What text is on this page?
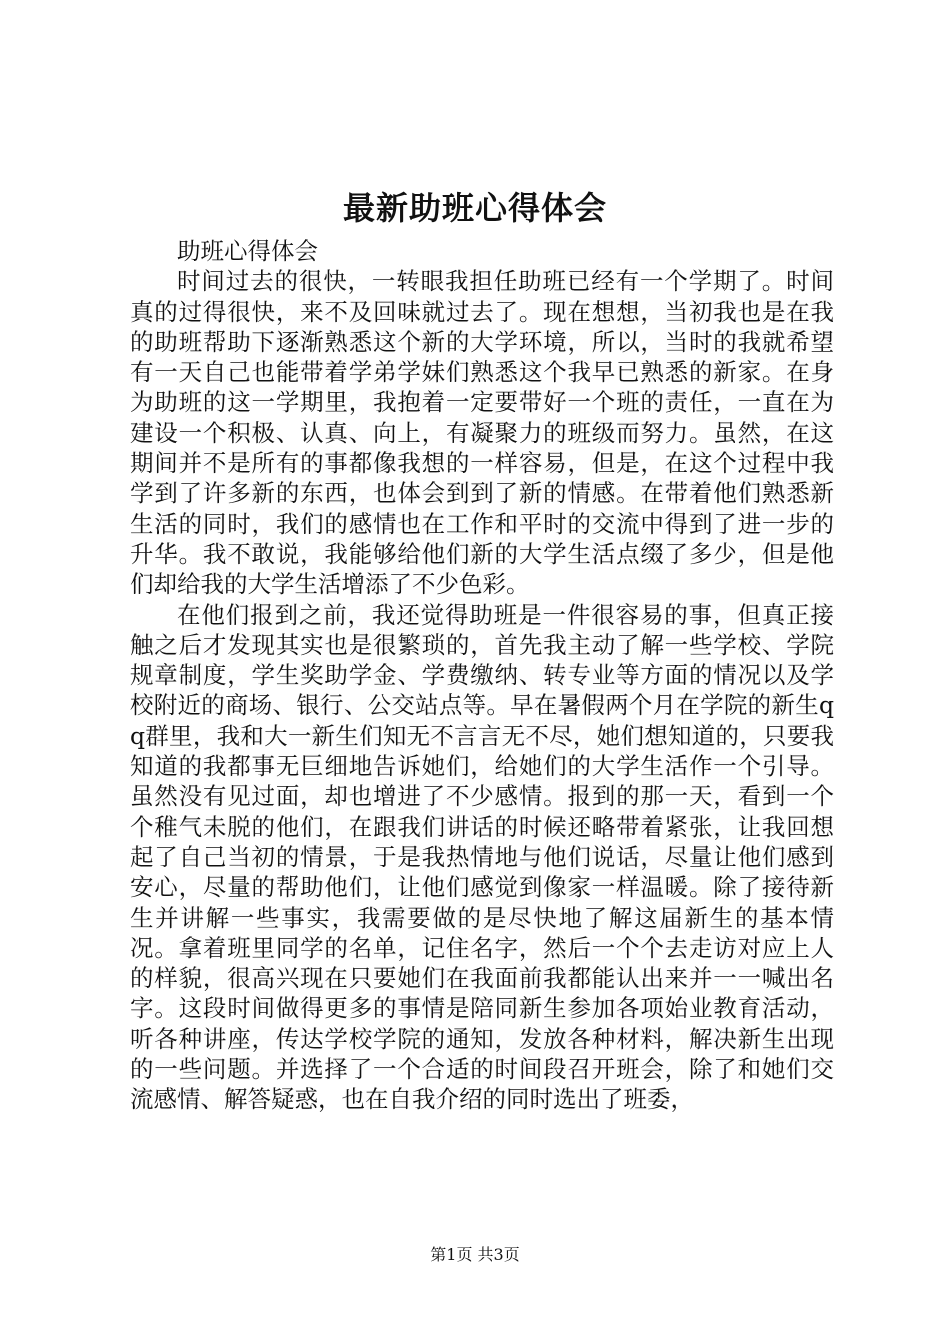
最新助班心得体会

助班心得体会

时间过去的很快，一转眼我担任助班已经有一个学期了。时间真的过得很快，来不及回味就过去了。现在想想，当初我也是在我的助班帮助下逐渐熟悉这个新的大学环境，所以，当时的我就希望有一天自己也能带着学弟学妹们熟悉这个我早已熟悉的新家。在身为助班的这一学期里，我抱着一定要带好一个班的责任，一直在为建设一个积极、认真、向上，有凝聚力的班级而努力。虽然，在这期间并不是所有的事都像我想的一样容易，但是，在这个过程中我学到了许多新的东西，也体会到到了新的情感。在带着他们熟悉新生活的同时，我们的感情也在工作和平时的交流中得到了进一步的升华。我不敢说，我能够给他们新的大学生活点缀了多少，但是他们却给我的大学生活增添了不少色彩。

在他们报到之前，我还觉得助班是一件很容易的事，但真正接触之后才发现其实也是很繁琐的，首先我主动了解一些学校、学院规章制度，学生奖助学金、学费缴纳、转专业等方面的情况以及学校附近的商场、银行、公交站点等。早在暑假两个月在学院的新生qq群里，我和大一新生们知无不言言无不尽，她们想知道的，只要我知道的我都事无巨细地告诉她们，给她们的大学生活作一个引导。虽然没有见过面，却也增进了不少感情。报到的那一天，看到一个个稚气未脱的他们，在跟我们讲话的时候还略带着紧张，让我回想起了自己当初的情景，于是我热情地与他们说话，尽量让他们感到安心，尽量的帮助他们，让他们感觉到像家一样温暖。除了接待新生并讲解一些事实，我需要做的是尽快地了解这届新生的基本情况。拿着班里同学的名单，记住名字，然后一个个去走访对应上人的样貌，很高兴现在只要她们在我面前我都能认出来并一一喊出名字。这段时间做得更多的事情是陪同新生参加各项始业教育活动，听各种讲座，传达学校学院的通知，发放各种材料，解决新生出现的一些问题。并选择了一个合适的时间段召开班会，除了和她们交流感情、解答疑惑，也在自我介绍的同时选出了班委，

第1页 共3页
